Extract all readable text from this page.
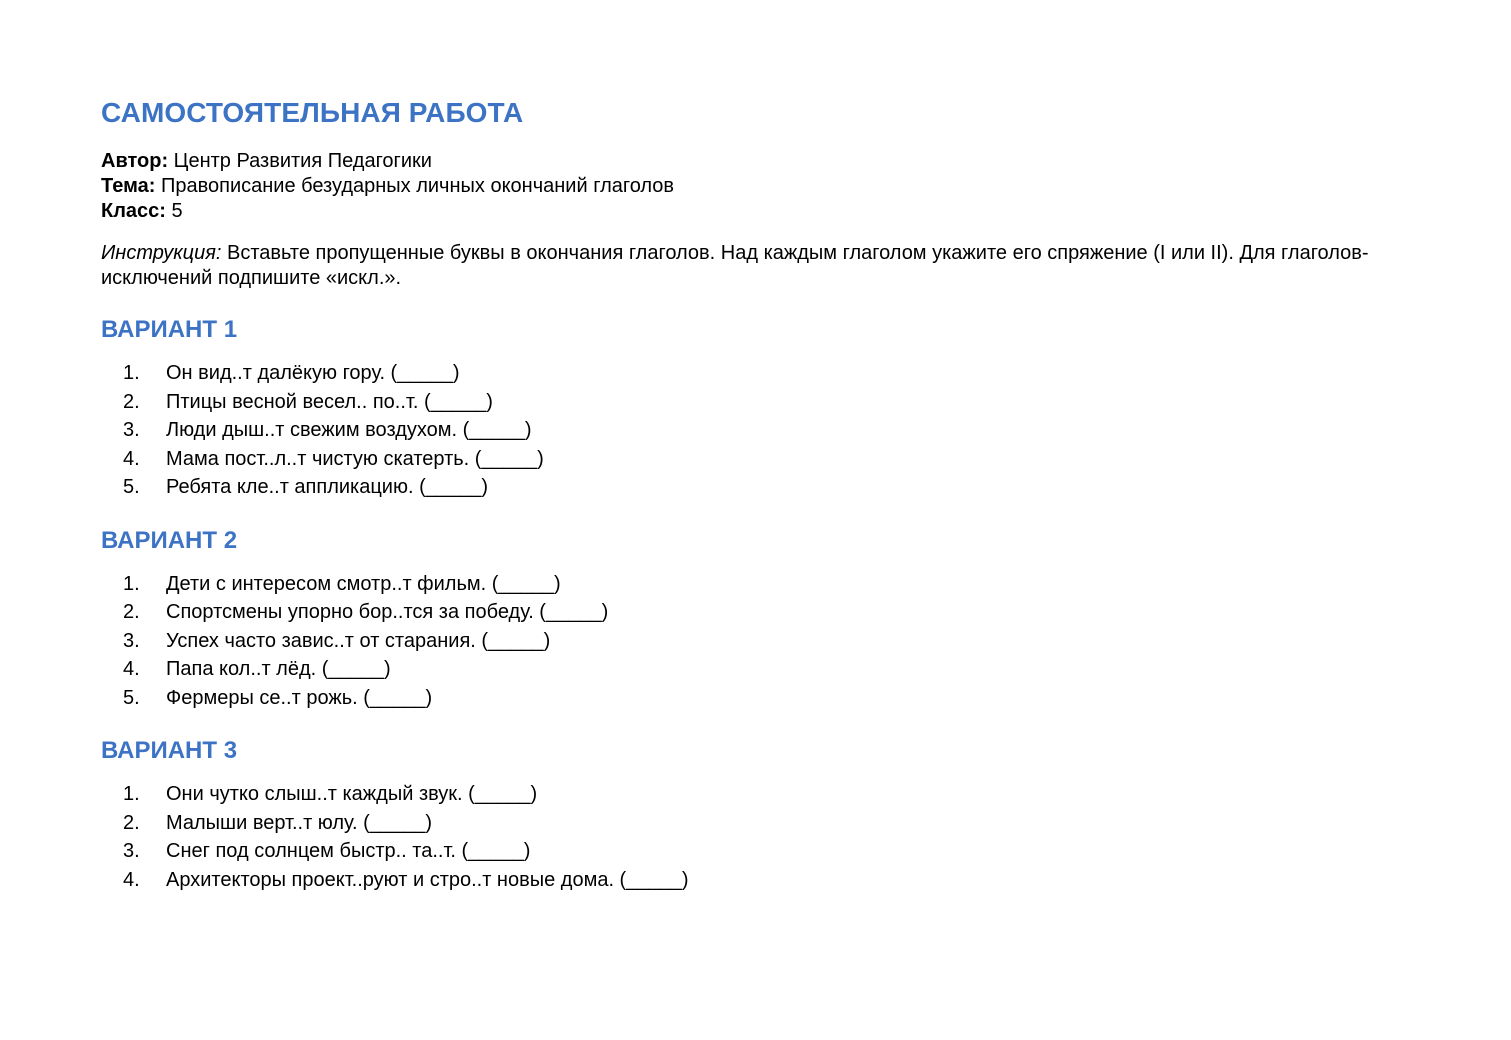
САМОСТОЯТЕЛЬНАЯ РАБОТА
Автор: Центр Развития Педагогики
Тема: Правописание безударных личных окончаний глаголов
Класс: 5
Инструкция: Вставьте пропущенные буквы в окончания глаголов. Над каждым глаголом укажите его спряжение (I или II). Для глаголов-исключений подпишите «искл.».
ВАРИАНТ 1
1.	Он вид..т далёкую гору. (_____)
2.	Птицы весной весел.. по..т. (_____)
3.	Люди дыш..т свежим воздухом. (_____)
4.	Мама пост..л..т чистую скатерть. (_____)
5.	Ребята кле..т аппликацию. (_____)
ВАРИАНТ 2
1.	Дети с интересом смотр..т фильм. (_____)
2.	Спортсмены упорно бор..тся за победу. (_____)
3.	Успех часто завис..т от старания. (_____)
4.	Папа кол..т лёд. (_____)
5.	Фермеры се..т рожь. (_____)
ВАРИАНТ 3
1.	Они чутко слыш..т каждый звук. (_____)
2.	Малыши верт..т юлу. (_____)
3.	Снег под солнцем быстр.. та..т. (_____)
4.	Архитекторы проект..руют и стро..т новые дома. (_____)
